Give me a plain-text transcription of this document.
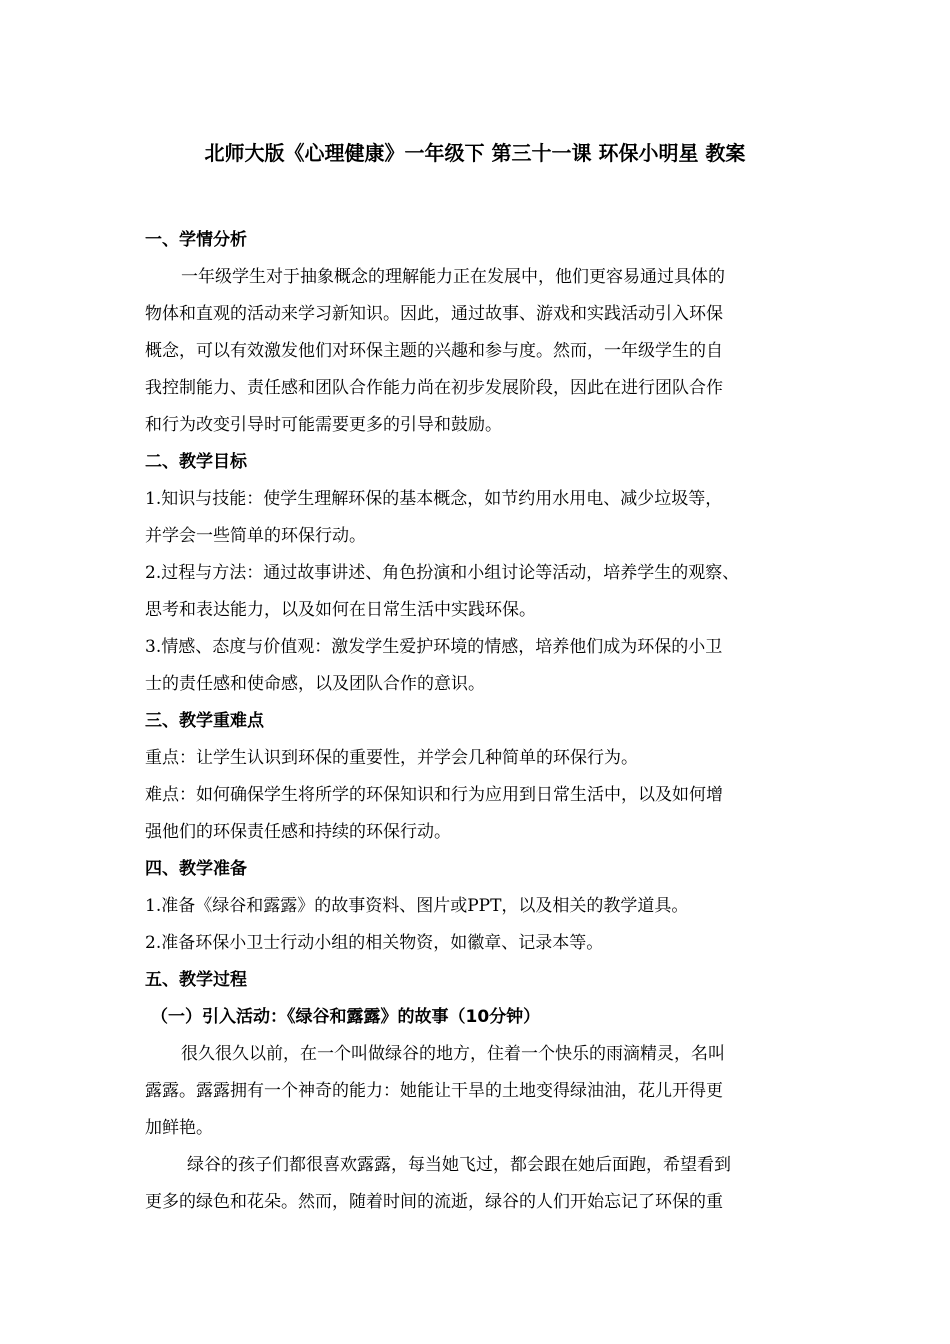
北师大版《心理健康》一年级下 第三十一课 环保小明星 教案
一、学情分析
一年级学生对于抽象概念的理解能力正在发展中，他们更容易通过具体的
物体和直观的活动来学习新知识。因此，通过故事、游戏和实践活动引入环保
概念，可以有效激发他们对环保主题的兴趣和参与度。然而，一年级学生的自
我控制能力、责任感和团队合作能力尚在初步发展阶段，因此在进行团队合作
和行为改变引导时可能需要更多的引导和鼓励。
二、教学目标
1.知识与技能：使学生理解环保的基本概念，如节约用水用电、减少垃圾等，
并学会一些简单的环保行动。
2.过程与方法：通过故事讲述、角色扮演和小组讨论等活动，培养学生的观察、
思考和表达能力，以及如何在日常生活中实践环保。
3.情感、态度与价值观：激发学生爱护环境的情感，培养他们成为环保的小卫
士的责任感和使命感，以及团队合作的意识。
三、教学重难点
重点：让学生认识到环保的重要性，并学会几种简单的环保行为。
难点：如何确保学生将所学的环保知识和行为应用到日常生活中，以及如何增
强他们的环保责任感和持续的环保行动。
四、教学准备
1.准备《绿谷和露露》的故事资料、图片或PPT，以及相关的教学道具。
2.准备环保小卫士行动小组的相关物资，如徽章、记录本等。
五、教学过程
（一）引入活动：《绿谷和露露》的故事（10分钟）
很久很久以前，在一个叫做绿谷的地方，住着一个快乐的雨滴精灵，名叫
露露。露露拥有一个神奇的能力：她能让干旱的土地变得绿油油，花儿开得更
加鲜艳。
绿谷的孩子们都很喜欢露露，每当她飞过，都会跟在她后面跑，希望看到
更多的绿色和花朵。然而，随着时间的流逝，绿谷的人们开始忘记了环保的重
